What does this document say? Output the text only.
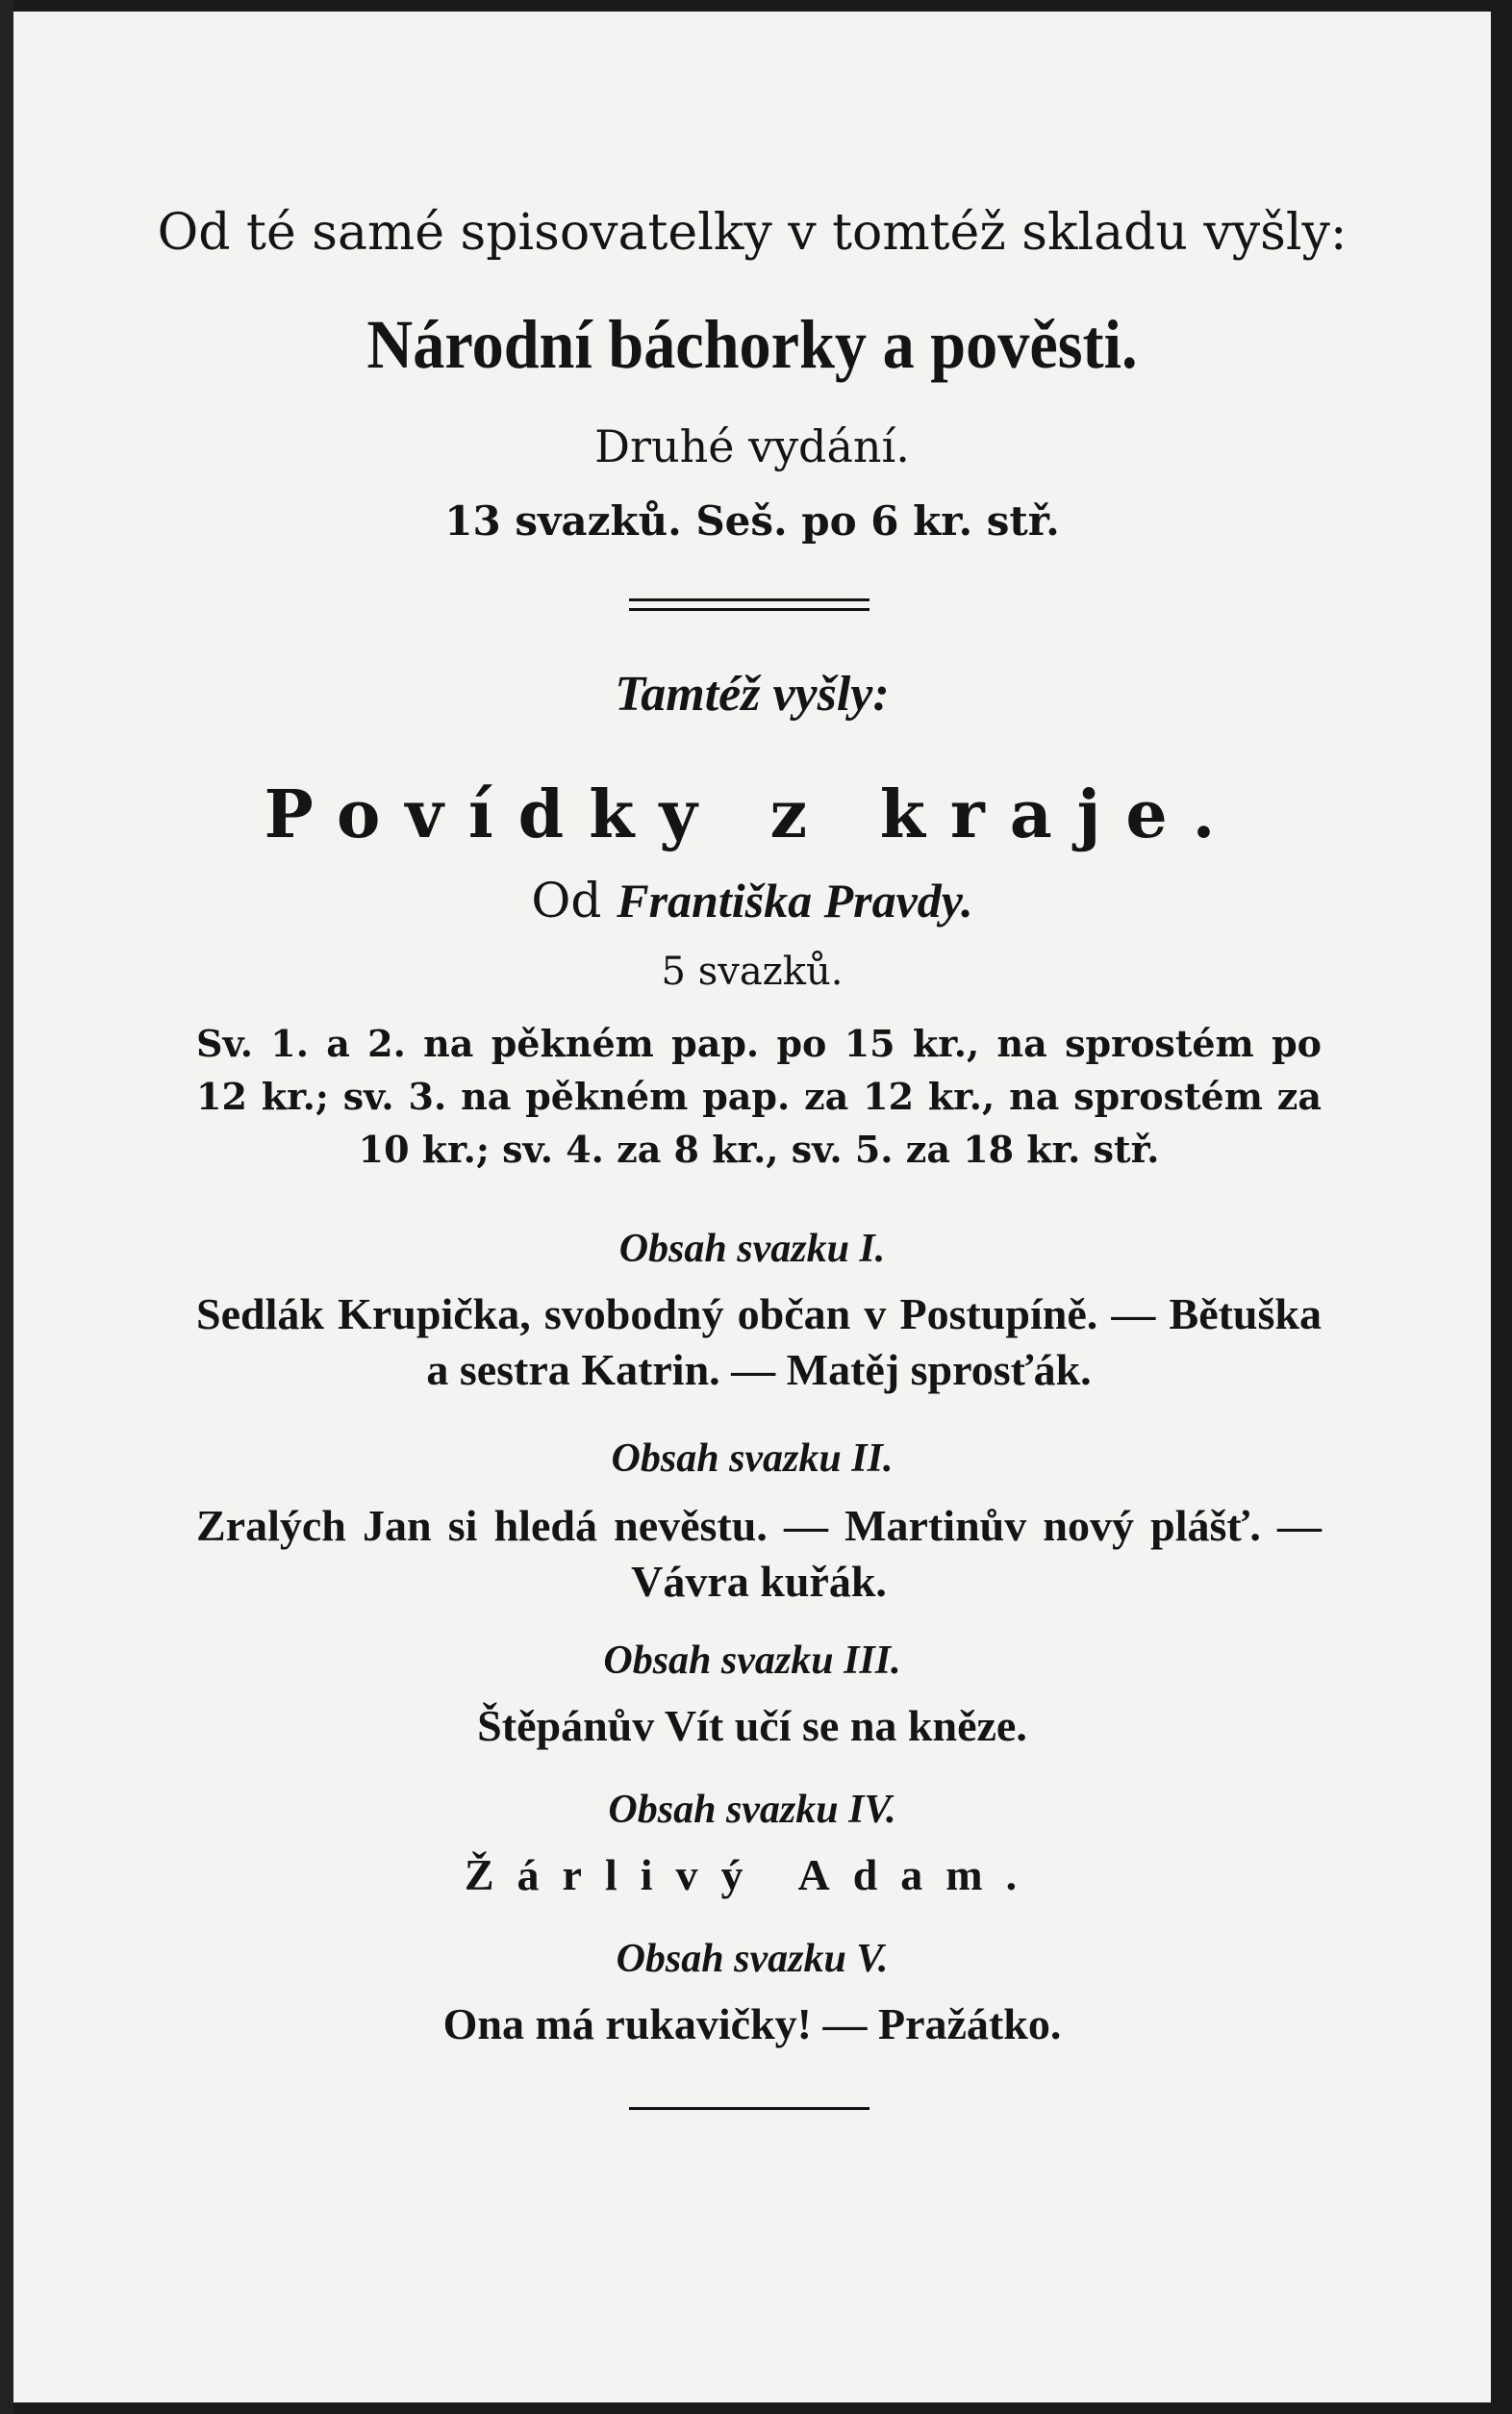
Od té samé spisovatelky v tomtéž skladu vyšly:
Národní báchorky a pověsti.
Druhé vydání.
13 svazků. Seš. po 6 kr. stř.
Tamtéž vyšly:
Povídky z kraje.
Od Františka Pravdy.
5 svazků.
Sv. 1. a 2. na pěkném pap. po 15 kr., na sprostém po 12 kr.; sv. 3. na pěkném pap. za 12 kr., na sprostém za 10 kr.; sv. 4. za 8 kr., sv. 5. za 18 kr. stř.
Obsah svazku I.
Sedlák Krupička, svobodný občan v Postupíně. — Bětuška a sestra Katrin. — Matěj sprosťák.
Obsah svazku II.
Zralých Jan si hledá nevěstu. — Martinův nový plášť. — Vávra kuřák.
Obsah svazku III.
Štěpánův Vít učí se na kněze.
Obsah svazku IV.
Žárlivý Adam.
Obsah svazku V.
Ona má rukavičky! — Pražátko.
